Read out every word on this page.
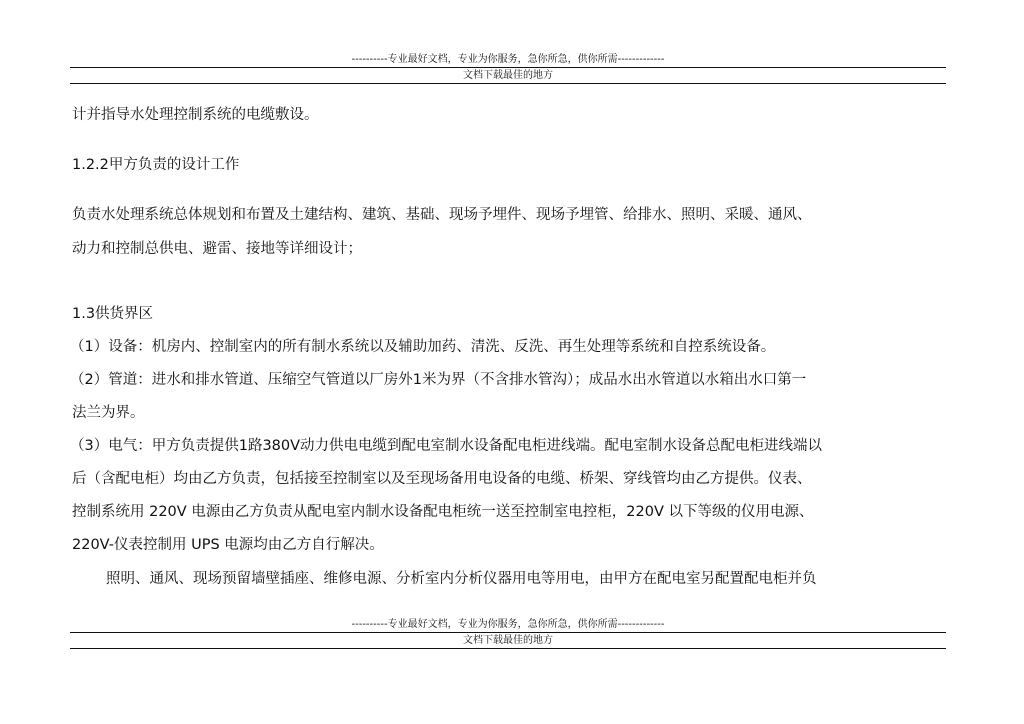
----------专业最好文档，专业为你服务，急你所急，供你所需-------------
文档下载最佳的地方
计并指导水处理控制系统的电缆敷设。
1.2.2甲方负责的设计工作
负责水处理系统总体规划和布置及土建结构、建筑、基础、现场予埋件、现场予埋管、给排水、照明、采暖、通风、
动力和控制总供电、避雷、接地等详细设计；
1.3供货界区
（1）设备：机房内、控制室内的所有制水系统以及辅助加药、清洗、反洗、再生处理等系统和自控系统设备。
（2）管道：进水和排水管道、压缩空气管道以厂房外1米为界（不含排水管沟）；成品水出水管道以水箱出水口第一
法兰为界。
（3）电气：甲方负责提供1路380V动力供电电缆到配电室制水设备配电柜进线端。配电室制水设备总配电柜进线端以
后（含配电柜）均由乙方负责，包括接至控制室以及至现场备用电设备的电缆、桥架、穿线管均由乙方提供。仪表、
控制系统用 220V 电源由乙方负责从配电室内制水设备配电柜统一送至控制室电控柜，220V 以下等级的仪用电源、
220V-仪表控制用 UPS 电源均由乙方自行解决。
照明、通风、现场预留墙壁插座、维修电源、分析室内分析仪器用电等用电，由甲方在配电室另配置配电柜并负
----------专业最好文档，专业为你服务，急你所急，供你所需-------------
文档下载最佳的地方
